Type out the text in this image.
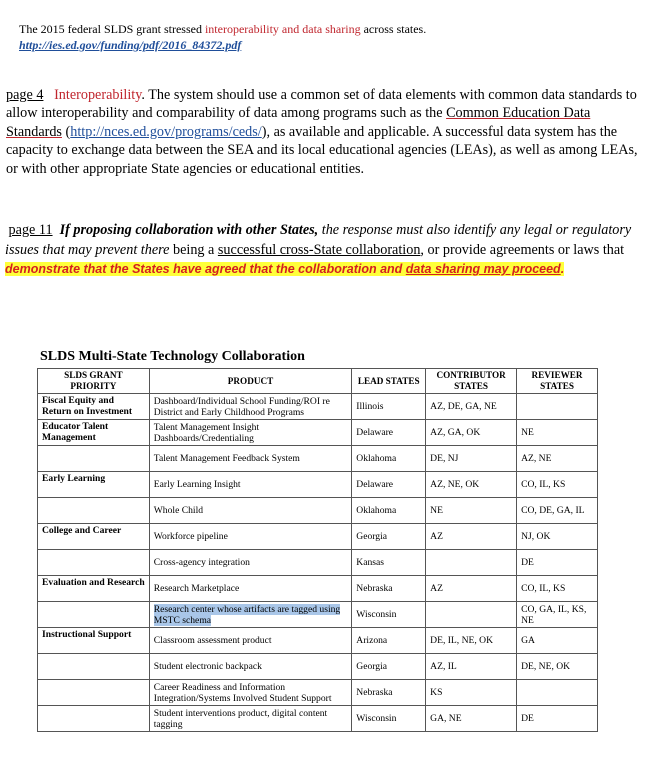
The 2015 federal SLDS grant stressed interoperability and data sharing across states.
http://ies.ed.gov/funding/pdf/2016_84372.pdf
page 4 Interoperability. The system should use a common set of data elements with common data standards to allow interoperability and comparability of data among programs such as the Common Education Data Standards (http://nces.ed.gov/programs/ceds/), as available and applicable. A successful data system has the capacity to exchange data between the SEA and its local educational agencies (LEAs), as well as among LEAs, or with other appropriate State agencies or educational entities.
page 11 If proposing collaboration with other States, the response must also identify any legal or regulatory issues that may prevent there being a successful cross-State collaboration, or provide agreements or laws that demonstrate that the States have agreed that the collaboration and data sharing may proceed.
SLDS Multi-State Technology Collaboration
SLDS GRANT PRIORITY	PRODUCT	LEAD STATES	CONTRIBUTOR STATES	REVIEWER STATES
Fiscal Equity and Return on Investment	Dashboard/Individual School Funding/ROI re District and Early Childhood Programs	Illinois	AZ, DE, GA, NE	
Educator Talent Management	Talent Management Insight Dashboards/Credentialing	Delaware	AZ, GA, OK	NE
	Talent Management Feedback System	Oklahoma	DE, NJ	AZ, NE
Early Learning	Early Learning Insight	Delaware	AZ, NE, OK	CO, IL, KS
	Whole Child	Oklahoma	NE	CO, DE, GA, IL
College and Career	Workforce pipeline	Georgia	AZ	NJ, OK
	Cross-agency integration	Kansas		DE
Evaluation and Research	Research Marketplace	Nebraska	AZ	CO, IL, KS
	Research center whose artifacts are tagged using MSTC schema	Wisconsin		CO, GA, IL, KS, NE
Instructional Support	Classroom assessment product	Arizona	DE, IL, NE, OK	GA
	Student electronic backpack	Georgia	AZ, IL	DE, NE, OK
	Career Readiness and Information Integration/Systems Involved Student Support	Nebraska	KS	
	Student interventions product, digital content tagging	Wisconsin	GA, NE	DE
